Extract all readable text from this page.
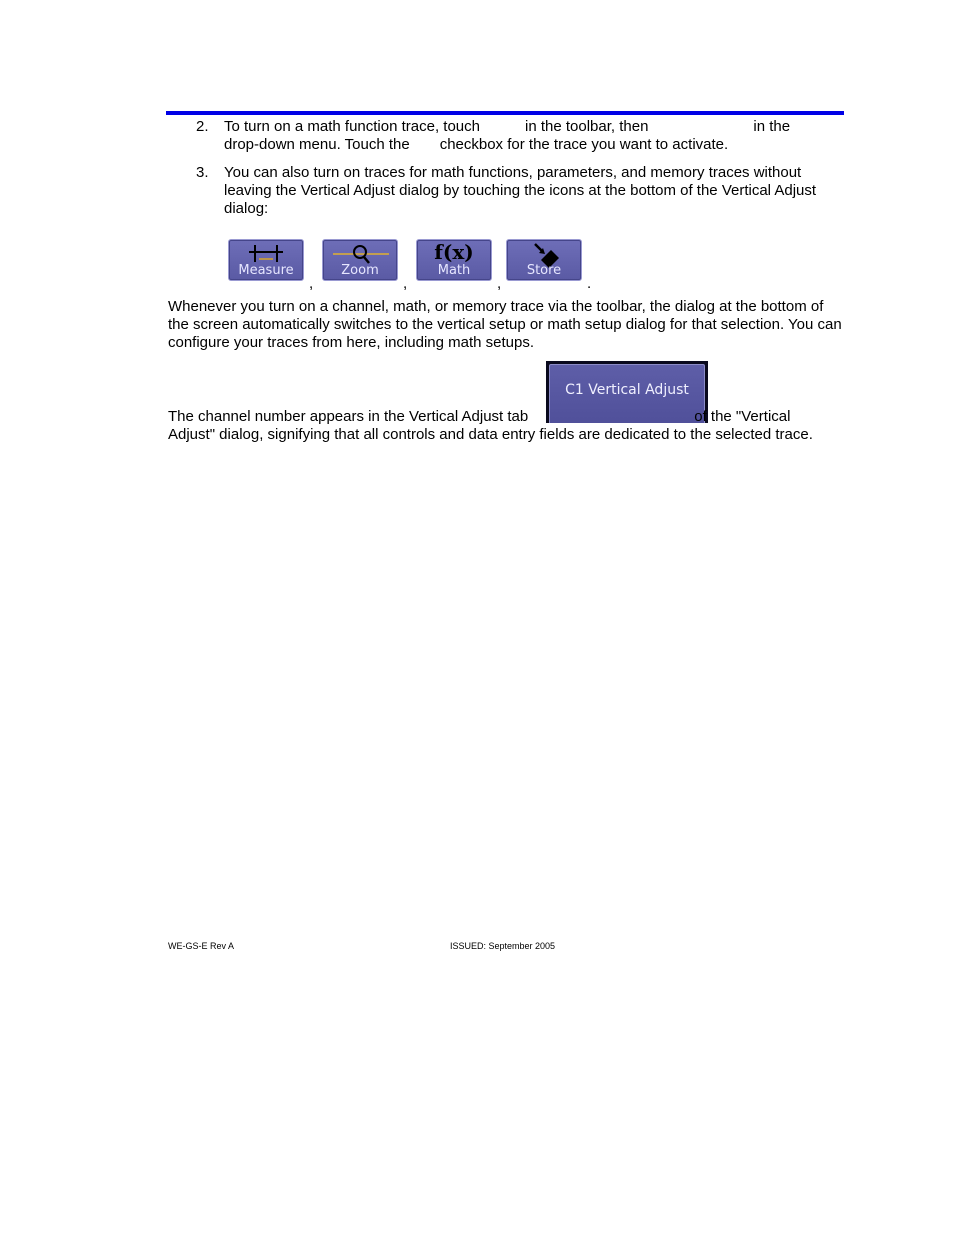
2. To turn on a math function trace, touch	in the toolbar, then	in the
drop-down menu. Touch the checkbox for the trace you want to activate.
3. You can also turn on traces for math functions, parameters, and memory traces without leaving the Vertical Adjust dialog by touching the icons at the bottom of the Vertical Adjust dialog:
Measure	Zoom
f(x)
Math	Store
,	,	,	.
Whenever you turn on a channel, math, or memory trace via the toolbar, the dialog at the bottom of the screen automatically switches to the vertical setup or math setup dialog for that selection. You can configure your traces from here, including math setups.
C1 Vertical Adjust
The channel number appears in the Vertical Adjust tab	of the "Vertical
Adjust" dialog, signifying that all controls and data entry fields are dedicated to the selected trace.
WE-GS-E Rev A	ISSUED: September 2005
